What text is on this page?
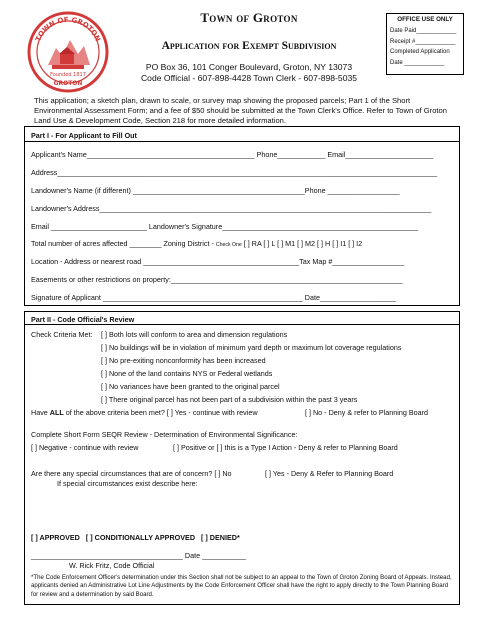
TOWN OF GROTON
Founded 1817
GROTON
Town of Groton
Application for Exempt Subdivision
PO Box 36, 101 Conger Boulevard, Groton, NY 13073
Code Official - 607-898-4428 Town Clerk - 607-898-5035
OFFICE USE ONLY
Date Paid____________
Receipt #____________
Completed Application
Date ____________
This application; a sketch plan, drawn to scale, or survey map showing the proposed parcels; Part 1 of the Short Environmental Assessment Form; and a fee of $50 should be submitted at the Town Clerk's Office. Refer to Town of Groton Land Use & Development Code, Section 218 for more detailed information.
Part I - For Applicant to Fill Out
Applicant's Name__________________________________________ Phone____________ Email______________________
Address_______________________________________________________________________________________________
Landowner's Name (if different) ___________________________________________Phone __________________
Landowner's Address___________________________________________________________________________________
Email ________________________ Landowner's Signature_________________________________________________
Total number of acres affected ________ Zoning District - Check One [ ] RA [ ] L [ ] M1 [ ] M2 [ ] H [ ] I1 [ ] I2
Location - Address or nearest road _______________________________________Tax Map #__________________
Easements or other restrictions on property:__________________________________________________________
Signature of Applicant __________________________________________________ Date___________________
Part II - Code Official's Review
Check Criteria Met: [ ] Both lots will conform to area and dimension regulations
[ ] No buildings will be in violation of minimum yard depth or maximum lot coverage regulations
[ ] No pre-exiting nonconformity has been increased
[ ] None of the land contains NYS or Federal wetlands
[ ] No variances have been granted to the original parcel
[ ] There original parcel has not been part of a subdivision within the past 3 years
Have ALL of the above criteria been met? [ ] Yes - continue with review	[ ] No - Deny & refer to Planning Board
Complete Short Form SEQR Review - Determination of Environmental Significance:
[ ] Negative - continue with review	[ ] Positive or [ ] this is a Type I Action - Deny & refer to Planning Board
Are there any special circumstances that are of concern? [ ] No	[ ] Yes - Deny & Refer to Planning Board
If special circumstances exist describe here:
[ ] APPROVED [ ] CONDITIONALLY APPROVED [ ] DENIED*
______________________________________ Date ___________
W. Rick Fritz, Code Official
*The Code Enforcement Officer's determination under this Section shall not be subject to an appeal to the Town of Groton Zoning Board of Appeals. Instead, applicants denied an Administrative Lot Line Adjustments by the Code Enforcement Officer shall have the right to apply directly to the Town Planning Board for review and a determination by said Board.
